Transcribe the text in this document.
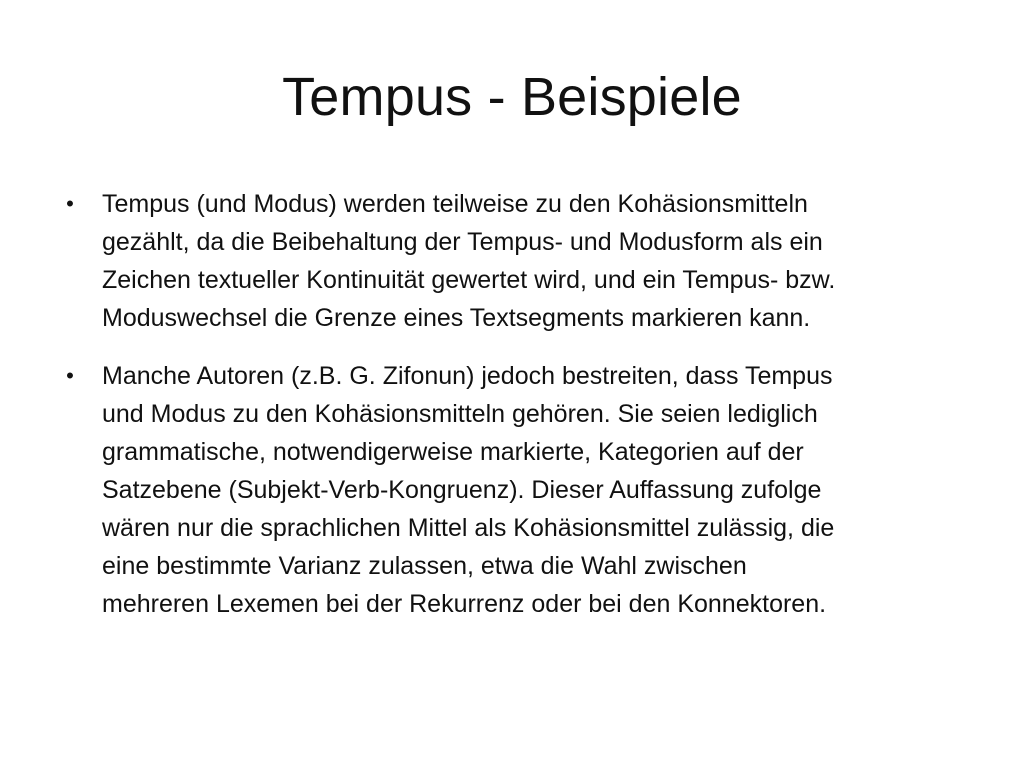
Tempus - Beispiele
• Tempus (und Modus) werden teilweise zu den Kohäsionsmitteln
gezählt, da die Beibehaltung der Tempus- und Modusform als ein
Zeichen textueller Kontinuität gewertet wird, und ein Tempus- bzw.
Moduswechsel die Grenze eines Textsegments markieren kann.
• Manche Autoren (z.B. G. Zifonun) jedoch bestreiten, dass Tempus
und Modus zu den Kohäsionsmitteln gehören. Sie seien lediglich
grammatische, notwendigerweise markierte, Kategorien auf der
Satzebene (Subjekt-Verb-Kongruenz). Dieser Auffassung zufolge
wären nur die sprachlichen Mittel als Kohäsionsmittel zulässig, die
eine bestimmte Varianz zulassen, etwa die Wahl zwischen
mehreren Lexemen bei der Rekurrenz oder bei den Konnektoren.
